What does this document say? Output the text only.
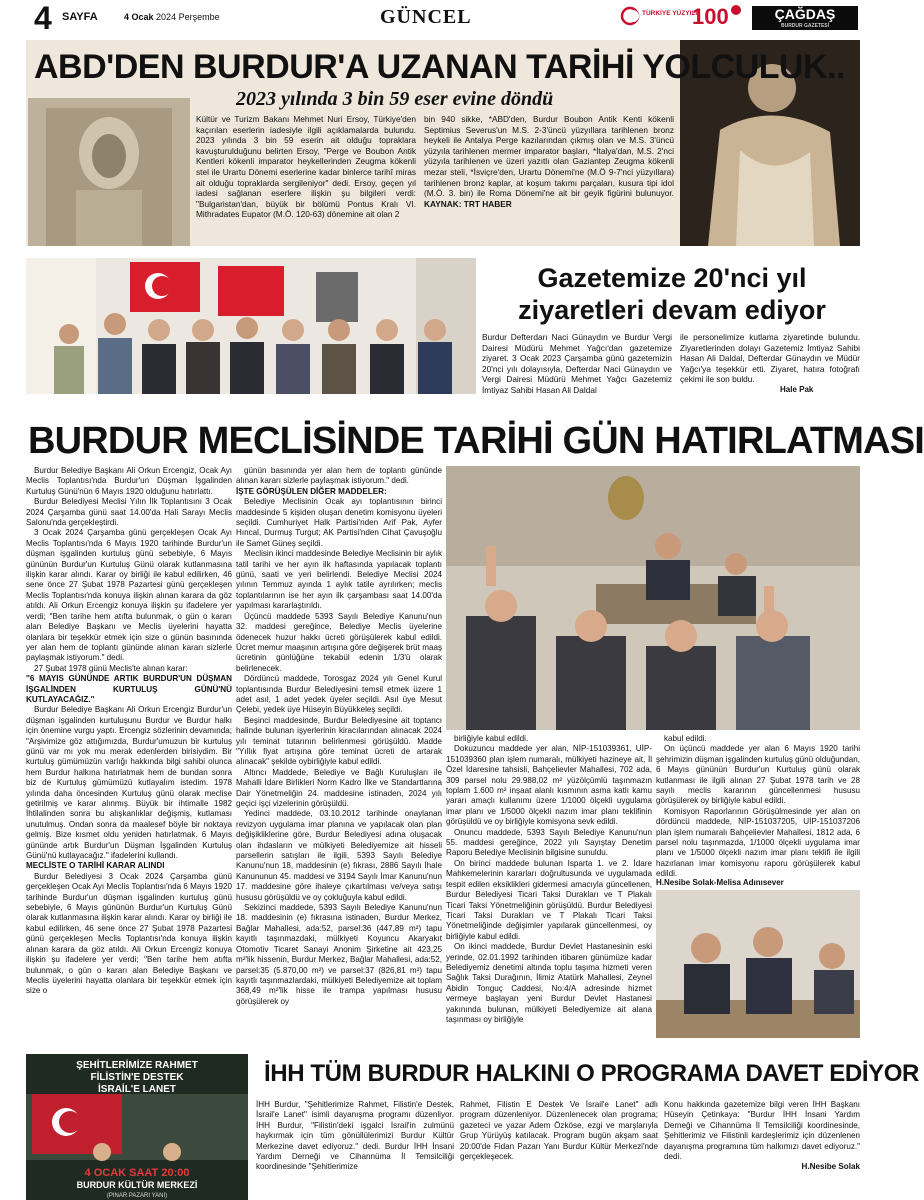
4 SAYFA	4 Ocak 2024 Perşembe	GÜNCEL	TÜRKİYE YÜZYILI
100	ÇAĞDAŞ
BURDUR GAZETESİ
ABD'DEN BURDUR'A UZANAN TARİHİ YOLCULUK..
2023 yılında 3 bin 59 eser evine döndü
Kültür ve Turizm Bakanı Mehmet Nuri Ersoy, Türkiye'den kaçırılan eserlerin iadesiyle ilgili açıklamalarda bulundu. 2023 yılında 3 bin 59 eserin ait olduğu topraklara kavuşturulduğunu belirten Ersoy, "Perge ve Boubon Antik Kentleri kökenli imparator heykellerinden Zeugma kökenli stel ile Urartu Dönemi eserlerine kadar binlerce tarihî miras ait olduğu topraklarda sergileniyor" dedi. Ersoy, geçen yıl iadesi sağlanan eserlere ilişkin şu bilgileri verdi: "Bulgaristan'dan, büyük bir bölümü Pontus Kralı VI. Mithradates Eupator (M.Ö. 120-63) dönemine ait olan 2
bin 940 sikke, *ABD'den, Burdur Boubon Antik Kenti kökenli Septimius Severus'un M.S. 2-3'üncü yüzyıllara tarihlenen bronz heykeli ile Antalya Perge kazılarından çıkmış olan ve M.S. 3'üncü yüzyıla tarihlenen mermer imparator başları, *İtalya'dan, M.S. 2'nci yüzyıla tarihlenen ve üzeri yazıtlı olan Gaziantep Zeugma kökenli mezar steli, *İsviçre'den, Urartu Dönemi'ne (M.Ö 9-7'nci yüzyıllara) tarihlenen bronz kaplar, at koşum takımı parçaları, kusura tipi idol (M.Ö. 3. bin) ile Roma Dönemi'ne ait bir geyik figürini bulunuyor. KAYNAK: TRT HABER
Gazetemize 20'nci yıl
ziyaretleri devam ediyor
Burdur Defterdarı Naci Günaydın ve Burdur Vergi Dairesi Müdürü Mehmet Yağcı'dan gazetemize ziyaret. 3 Ocak 2023 Çarşamba günü gazetemizin 20'nci yılı dolayısıyla, Defterdar Naci Günaydın ve Vergi Dairesi Müdürü Mehmet Yağcı Gazetemiz İmtiyaz Sahibi Hasan Ali Daldal
ile personelimize kutlama ziyaretinde bulundu. Ziyaretlerinden dolayı Gazetemiz İmtiyaz Sahibi Hasan Ali Daldal, Defterdar Günaydın ve Müdür Yağcı'ya teşekkür etti. Ziyaret, hatıra fotoğrafı çekimi ile son buldu.
Hale Pak
BURDUR MECLİSİNDE TARİHİ GÜN HATIRLATMASI

Burdur Belediye Başkanı Ali Orkun Ercengiz, Ocak Ayı Meclis Toplantısı'nda Burdur'un Düşman İşgalinden Kurtuluş Günü'nün 6 Mayıs 1920 olduğunu hatırlattı.

Burdur Belediyesi Meclisi Yılın İlk Toplantısını 3 Ocak 2024 Çarşamba günü saat 14.00'da Hali Sarayı Meclis Salonu'nda gerçekleştirdi.

3 Ocak 2024 Çarşamba günü gerçekleşen Ocak Ayı Meclis Toplantısı'nda 6 Mayıs 1920 tarihinde Burdur'un düşman işgalinden kurtuluş günü sebebiyle, 6 Mayıs gününün Burdur'un Kurtuluş Günü olarak kutlanmasına ilişkin karar alındı. Karar oy birliği ile kabul edilirken, 46 sene önce 27 Şubat 1978 Pazartesi günü gerçekleşen Meclis Toplantısı'nda konuya ilişkin alınan karara da göz atıldı. Ali Orkun Ercengiz konuya ilişkin şu ifadelere yer verdi; "Ben tarihe hem atıfta bulunmak, o gün o kararı alan Belediye Başkanı ve Meclis üyelerini hayatta olanlara bir teşekkür etmek için size o günün basınında yer alan hem de toplantı gününde alınan kararı sizlerle paylaşmak istiyorum." dedi.

27 Şubat 1978 günü Meclis'te alınan karar:

"6 MAYIS GÜNÜNDE ARTIK BURDUR'UN DÜŞMAN İŞGALİNDEN KURTULUŞ GÜNÜ'NÜ KUTLAYACAĞIZ."

Burdur Belediye Başkanı Ali Orkun Ercengiz Burdur'un düşman işgalinden kurtuluşunu Burdur ve Burdur halkı için önemine vurgu yaptı. Ercengiz sözlerinin devamında; "Arşivimize göz attığımızda, Burdur'umuzun bir kurtuluş günü var mı yok mu merak edenlerden birisiydim. Bir kurtuluş gümümüzün varlığı hakkında bilgi sahibi olunca hem Burdur halkına hatırlatmak hem de bundan sonra biz de Kurtuluş gümümüzü kutlayalım istedim. 1978 yılında daha öncesinden Kurtuluş günü olarak meclise getirilmiş ve karar alınmış. Büyük bir ihtimalle 1982 İhtilalinden sonra bu alışkanlıklar değişmiş, kutlaması unutulmuş. Ondan sonra da maalesef böyle bir noktaya gelmiş. Bize kısmet oldu yeniden hatırlatmak. 6 Mayıs gününde artık Burdur'un Düşman İşgalinden Kurtuluş Günü'nü kutlayacağız." ifadelerini kullandı.

MECLİSTE O TARİHİ KARAR ALINDI

Burdur Belediyesi 3 Ocak 2024 Çarşamba günü gerçekleşen Ocak Ayı Meclis Toplantısı'nda 6 Mayıs 1920 tarihinde Burdur'un düşman işgalinden kurtuluş günü sebebiyle, 6 Mayıs gününün Burdur'un Kurtuluş Günü olarak kutlanmasına ilişkin karar alındı. Karar oy birliği ile kabul edilirken, 46 sene önce 27 Şubat 1978 Pazartesi günü gerçekleşen Meclis Toplantısı'nda konuya ilişkin alınan karara da göz atıldı. Ali Orkun Ercengiz konuya ilişkin şu ifadelere yer verdi; "Ben tarihe hem atıfta bulunmak, o gün o kararı alan Belediye Başkanı ve Meclis üyelerini hayatta olanlara bir teşekkür etmek için size o

günün basınında yer alan hem de toplantı gününde alınan kararı sizlerle paylaşmak istiyorum." dedi.

İŞTE GÖRÜŞÜLEN DİĞER MADDELER:

Belediye Meclisinin Ocak ayı toplantısının birinci maddesinde 5 kişiden oluşan denetim komisyonu üyeleri seçildi. Cumhuriyet Halk Partisi'nden Arif Pak, Ayfer Hıncal, Durmuş Turgut; AK Partisi'nden Cihat Çavuşoğlu ile Samet Güneş seçildi.

Meclisin ikinci maddesinde Belediye Meclisinin bir aylık tatil tarihi ve her ayın ilk haftasında yapılacak toplantı günü, saati ve yeri belirlendi. Belediye Meclisi 2024 yılının Temmuz ayında 1 aylık tatile ayrılırken; meclis toplantılarının ise her ayın ilk çarşambası saat 14.00'da yapılması kararlaştırıldı.

Üçüncü maddede 5393 Sayılı Belediye Kanunu'nun 32. maddesi gereğince, Belediye Meclis üyelerine ödenecek huzur hakkı ücreti görüşülerek kabul edildi. Ücret memur maaşının artışına göre değişerek brüt maaş ücretinin günlüğüne tekabül edenin 1/3'ü olarak belirlenecek.

Dördüncü maddede, Torosgaz 2024 yılı Genel Kurul toplantısında Burdur Belediyesini temsil etmek üzere 1 adet asıl, 1 adet yedek üyeler seçildi. Asıl üye Mesut Çelebi, yedek üye Hüseyin Büyükkeleş seçildi.

Beşinci maddesinde, Burdur Belediyesine ait toptancı halinde bulunan işyerlerinin kiracılarından alınacak 2024 yılı teminat tutarının belirlenmesi görüşüldü. Madde "Yıllık fiyat artışına göre teminat ücreti de artarak alınacak" şekilde oybirliğiyle kabul edildi.

Altıncı Maddede, Belediye ve Bağlı Kuruluşları ile Mahalli İdare Birlikleri Norm Kadro İlke ve Standartlarına Dair Yönetmeliğin 24. maddesine istinaden, 2024 yılı geçici işçi vizelerinin görüşüldü.

Yedinci maddede, 03.10.2012 tarihinde onaylanan revizyon uygulama imar planına ve yapılacak olan plan değişikliklerine göre, Burdur Belediyesi adına oluşacak olan ihdasların ve mülkiyeti Belediyemize ait hisseli parsellerin satışları ile ilgili, 5393 Sayılı Belediye Kanunu'nun 18, maddesinin (e) fıkrası, 2886 Sayılı İhale Kanununun 45. maddesi ve 3194 Sayılı İmar Kanunu'nun 17. maddesine göre ihaleye çıkartılması ve/veya satışı hususu görüşüldü ve oy çokluğuyla kabul edildi.

Sekizinci maddede, 5393 Sayılı Belediye Kanunu'nun 18. maddesinin (e) fıkrasına istinaden, Burdur Merkez, Bağlar Mahallesi, ada:52, parsel:36 (447,89 m²) tapu kayıtlı taşınmazdaki, mülkiyeti Koyuncu Akaryakıt Otomotiv Ticaret Sanayi Anonim Şirketine ait 423,25 m²'lik hissenin, Burdur Merkez, Bağlar Mahallesi, ada:52, parsel:35 (5.870,00 m²) ve parsel:37 (826,81 m²) tapu kayıtlı taşınmazlardaki, mülkiyeti Belediyemize ait toplam 368,49 m²'lik hisse ile trampa yapılması hususu görüşülerek oy

birliğiyle kabul edildi.

Dokuzuncu maddede yer alan, NİP-151039361, UİP-151039360 plan işlem numaralı, mülkiyeti hazineye ait, İl Özel İdaresine tahsisli, Bahçelievler Mahallesi, 702 ada, 309 parsel nolu 29.988,02 m² yüzölçümlü taşınmazın toplam 1.600 m² inşaat alanlı kısmının asma katlı kamu yararı amaçlı kullanımı üzere 1/1000 ölçekli uygulama imar planı ve 1/5000 ölçekli nazım imar planı teklifinin görüşüldü ve oy birliğiyle komisyona sevk edildi.

Onuncu maddede, 5393 Sayılı Belediye Kanunu'nun 55. maddesi gereğince, 2022 yılı Sayıştay Denetim Raporu Belediye Meclisinin bilgisine sunuldu.

On birinci maddede bulunan Isparta 1. ve 2. İdare Mahkemelerinin kararları doğrultusunda ve uygulamada tespit edilen eksiklikleri gidermesi amacıyla güncellenen, Burdur Belediyesi Ticari Taksi Durakları ve T Plakalı Ticari Taksi Yönetmeliğinin görüşüldü. Burdur Belediyesi Ticari Taksi Durakları ve T Plakalı Ticari Taksi Yönetmeliğinde değişimler yapılarak güncellenmesi, oy birliğiyle kabul edildi.

On ikinci maddede, Burdur Devlet Hastanesinin eski yerinde, 02.01.1992 tarihinden itibaren günümüze kadar Belediyemiz denetimi altında toplu taşıma hizmeti veren Sağlık Taksi Durağının, İlimiz Atatürk Mahallesi, Zeynel Abidin Tonguç Caddesi, No:4/A adresinde hizmet vermeye başlayan yeni Burdur Devlet Hastanesi yakınında bulunan, mülkiyeti Belediyemize ait alana taşınması oy birliğiyle

kabul edildi.

On üçüncü maddede yer alan 6 Mayıs 1920 tarihi şehrimizin düşman işgalinden kurtuluş günü olduğundan, 6 Mayıs gününün Burdur'un Kurtuluş günü olarak kutlanması ile ilgili alınan 27 Şubat 1978 tarih ve 28 sayılı meclis kararının güncellenmesi hususu görüşülerek oy birliğiyle kabul edildi.

Komisyon Raporlarının Görüşülmesinde yer alan on dördüncü maddede, NİP-151037205, UİP-151037206 plan işlem numaralı Bahçelievler Mahallesi, 1812 ada, 6 parsel nolu taşınmazda, 1/1000 ölçekli uygulama imar planı ve 1/5000 ölçekli nazım imar planı teklifi ile ilgili hazırlanan imar komisyonu raporu görüşülerek kabul edildi.

H.Nesibe Solak-Melisa Adınısever
ŞEHİTLERİMİZE RAHMET
FİLİSTİN'E DESTEK
İSRAİL'E LANET
4 OCAK SAAT 20:00
BURDUR KÜLTÜR MERKEZİ
(PINAR PAZARI YANI)
İHH TÜM BURDUR HALKINI O PROGRAMA DAVET EDİYOR
İHH Burdur, "Şehitlerimize Rahmet, Filistin'e Destek, İsrail'e Lanet" isimli dayanışma programı düzenliyor. İHH Burdur, "Filistin'deki işgalci İsrail'in zulmünü haykırmak için tüm gönüllülerimizi Burdur Kültür Merkezine davet ediyoruz." dedi. Burdur İHH İnsani Yardım Derneği ve Cihannüma İl Temsilciliği koordinesinde "Şehitlerimize
Rahmet, Filistin E Destek Ve İsrail'e Lanet" adlı program düzenleniyor. Düzenlenecek olan programa; gazeteci ve yazar Adem Özköse, ezgi ve marşlarıyla Grup Yürüyüş katılacak. Program bugün akşam saat 20:00'de Fidan Pazarı Yanı Burdur Kültür Merkezi'nde gerçekleşecek.
Konu hakkında gazetemize bilgi veren İHH Başkanı Hüseyin Çetinkaya: "Burdur İHH İnsani Yardım Derneği ve Cihannüma İl Temsilciliği koordinesinde, Şehitlerimiz ve Filistinli kardeşlerimiz için düzenlenen dayanışma programına tüm halkımızı davet ediyoruz." dedi.
H.Nesibe Solak
